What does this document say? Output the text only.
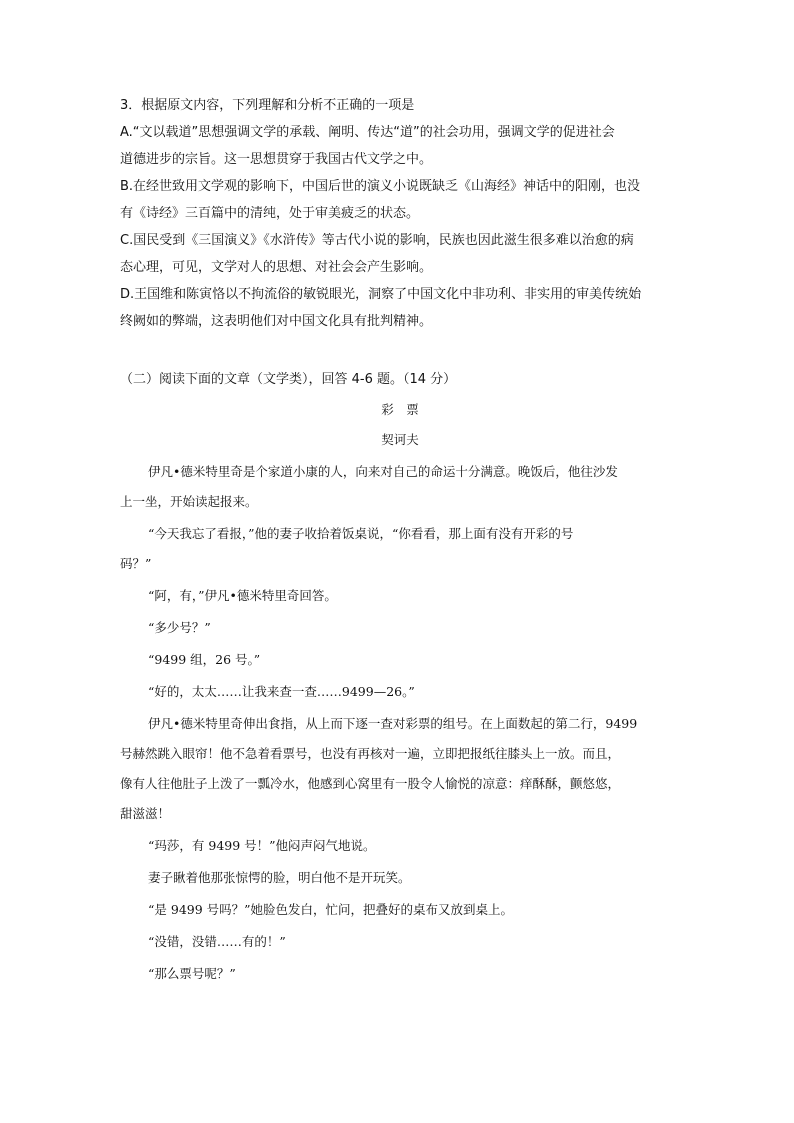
3．根据原文内容，下列理解和分析不正确的一项是

A.“文以载道”思想强调文学的承载、阐明、传达“道”的社会功用，强调文学的促进社会

道德进步的宗旨。这一思想贯穿于我国古代文学之中。

B.在经世致用文学观的影响下，中国后世的演义小说既缺乏《山海经》神话中的阳刚，也没

有《诗经》三百篇中的清纯，处于审美疲乏的状态。

C.国民受到《三国演义》《水浒传》等古代小说的影响，民族也因此滋生很多难以治愈的病

态心理，可见，文学对人的思想、对社会会产生影响。

D.王国维和陈寅恪以不拘流俗的敏锐眼光，洞察了中国文化中非功利、非实用的审美传统始

终阙如的弊端，这表明他们对中国文化具有批判精神。

（二）阅读下面的文章（文学类），回答 4-6 题。（14 分）

彩　票
契诃夫
伊凡•德米特里奇是个家道小康的人，向来对自己的命运十分满意。晚饭后，他往沙发
上一坐，开始读起报来。
“今天我忘了看报，”他的妻子收拾着饭桌说，“你看看，那上面有没有开彩的号
码？”
“阿，有，”伊凡•德米特里奇回答。
“多少号？”
“9499 组，26 号。”
“好的，太太……让我来查一查……9499—26。”
伊凡•德米特里奇伸出食指，从上而下逐一查对彩票的组号。在上面数起的第二行，9499
号赫然跳入眼帘！他不急着看票号，也没有再核对一遍，立即把报纸往膝头上一放。而且，
像有人往他肚子上泼了一瓢冷水，他感到心窝里有一股令人愉悦的凉意：痒酥酥，颤悠悠，
甜滋滋！
“玛莎，有 9499 号！”他闷声闷气地说。
妻子瞅着他那张惊愕的脸，明白他不是开玩笑。
“是 9499 号吗？”她脸色发白，忙问，把叠好的桌布又放到桌上。
“没错，没错……有的！”
“那么票号呢？”
